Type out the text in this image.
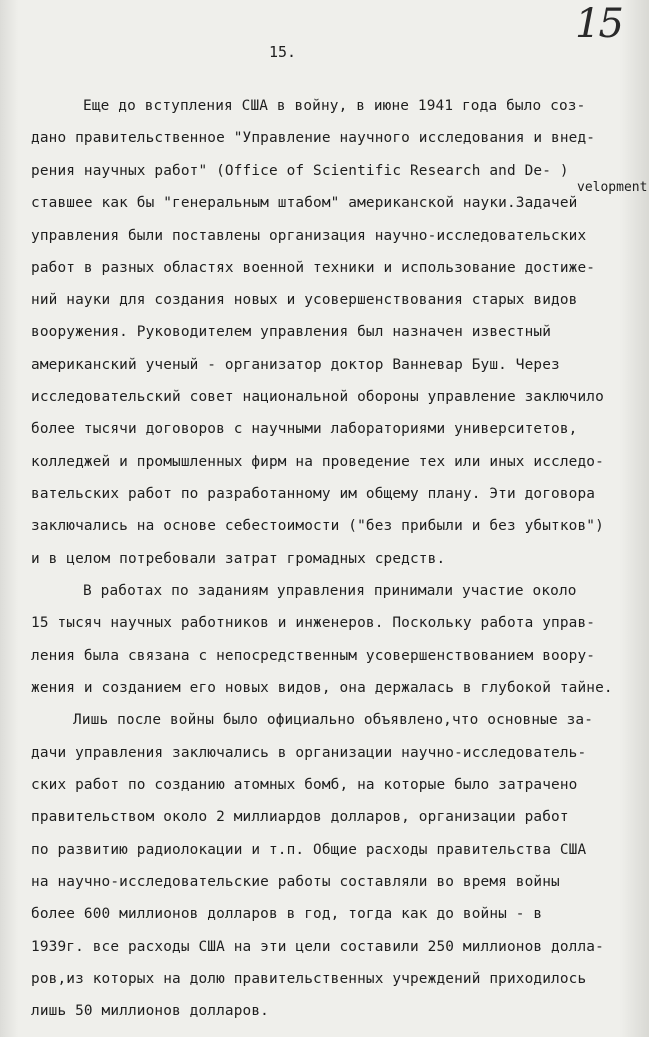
15
15.
velopment
Еще до вступления США в войну, в июне 1941 года было соз-
дано правительственное "Управление научного исследования и внед-
рения научных работ" (Office of Scientific Research and De- )
ставшее как бы "генеральным штабом" американской науки.Задачей
управления были поставлены организация научно-исследовательских
работ в разных областях военной техники и использование достиже-
ний науки для создания новых и усовершенствования старых видов
вооружения. Руководителем управления был назначен известный
американский ученый - организатор доктор Ванневар Буш. Через
исследовательский совет национальной обороны управление заключило
более тысячи договоров с научными лабораториями университетов,
колледжей и промышленных фирм на проведение тех или иных исследо-
вательских работ по разработанному им общему плану. Эти договора
заключались на основе себестоимости ("без прибыли и без убытков")
и в целом потребовали затрат громадных средств.
В работах по заданиям управления принимали участие около
15 тысяч научных работников и инженеров. Поскольку работа управ-
ления была связана с непосредственным усовершенствованием воору-
жения и созданием его новых видов, она держалась в глубокой тайне.
Лишь после войны было официально объявлено,что основные за-
дачи управления заключались в организации научно-исследователь-
ских работ по созданию атомных бомб, на которые было затрачено
правительством около 2 миллиардов долларов, организации работ
по развитию радиолокации и т.п. Общие расходы правительства США
на научно-исследовательские работы составляли во время войны
более 600 миллионов долларов в год, тогда как до войны - в
1939г. все расходы США на эти цели составили 250 миллионов долла-
ров,из которых на долю правительственных учреждений приходилось
лишь 50 миллионов долларов.
